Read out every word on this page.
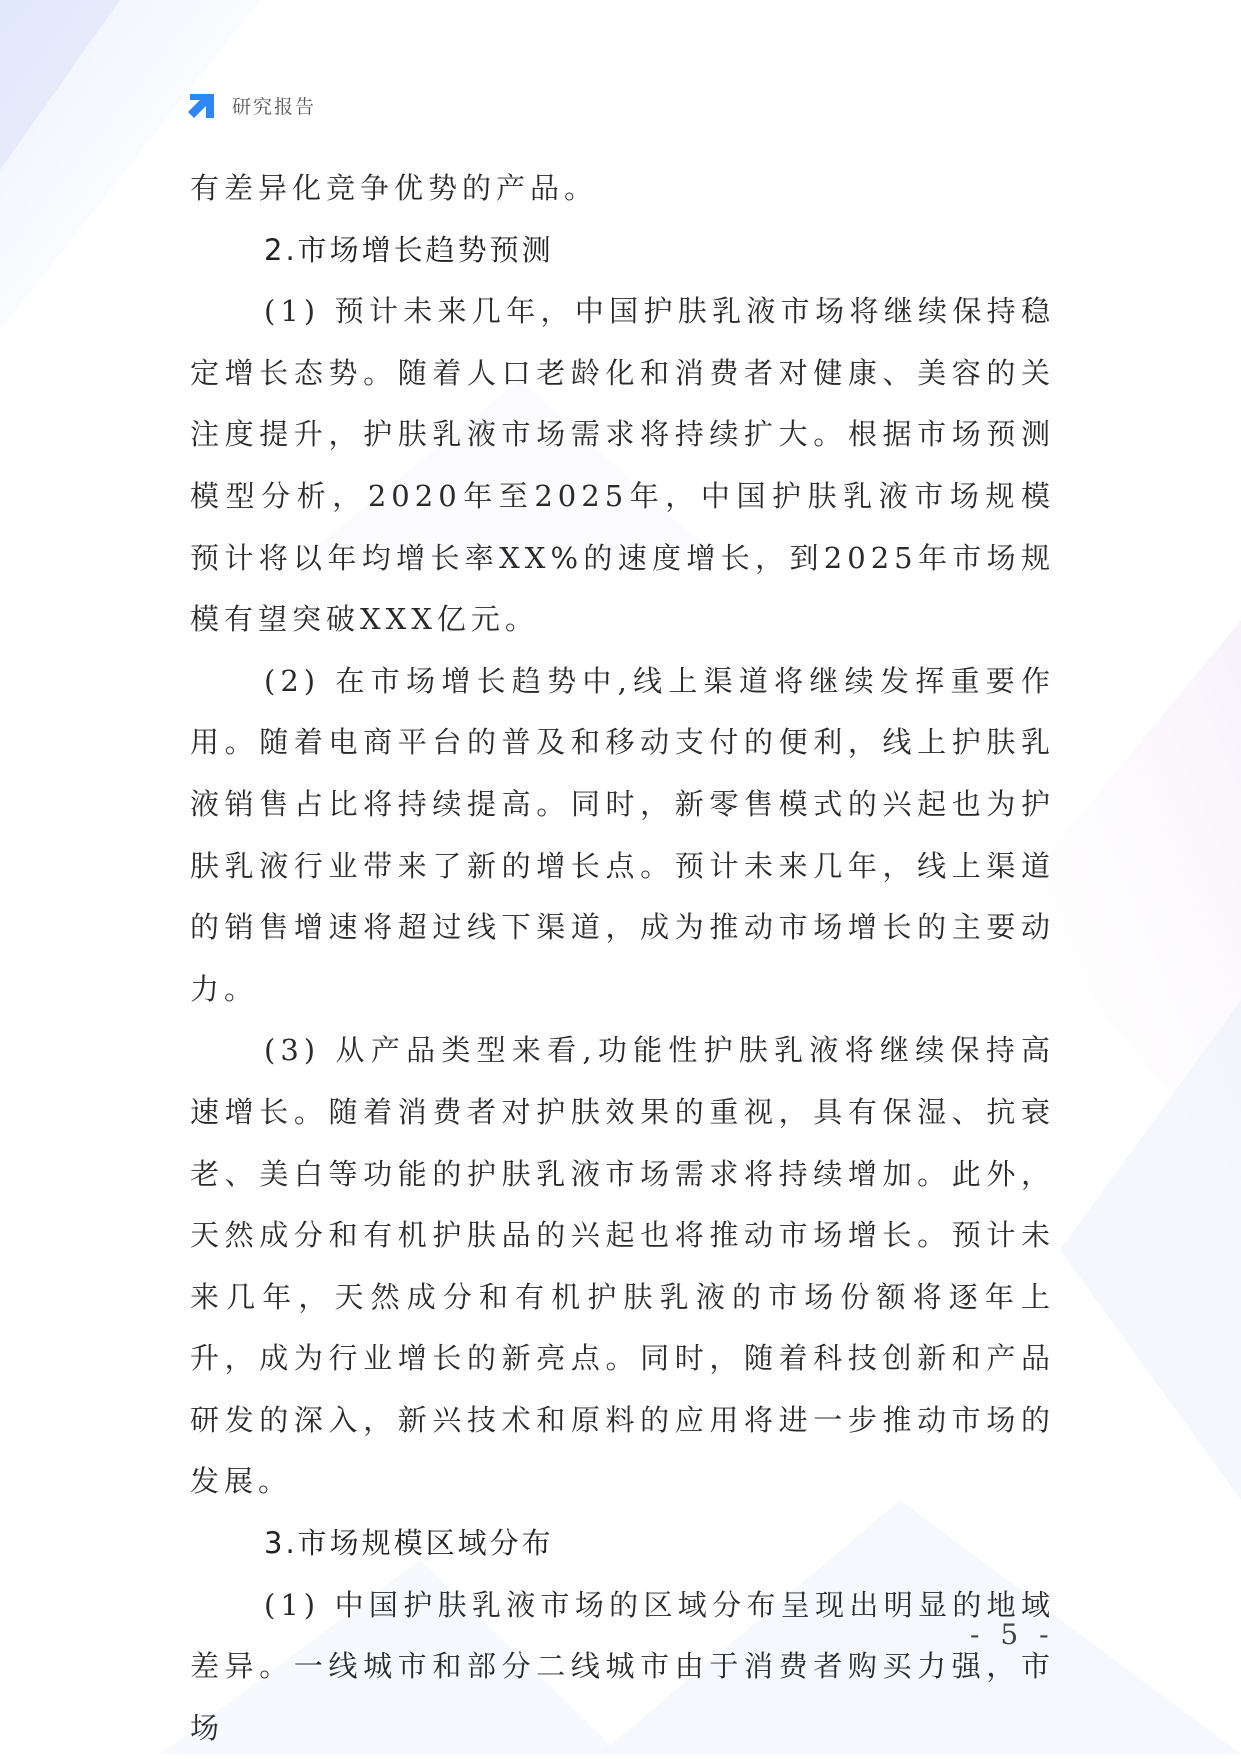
研究报告

有差异化竞争优势的产品。

2.市场增长趋势预测

(1) 预计未来几年，中国护肤乳液市场将继续保持稳定增长态势。随着人口老龄化和消费者对健康、美容的关注度提升，护肤乳液市场需求将持续扩大。根据市场预测模型分析，2020年至2025年，中国护肤乳液市场规模预计将以年均增长率XX%的速度增长，到2025年市场规模有望突破XXX亿元。

(2) 在市场增长趋势中,线上渠道将继续发挥重要作用。随着电商平台的普及和移动支付的便利，线上护肤乳液销售占比将持续提高。同时，新零售模式的兴起也为护肤乳液行业带来了新的增长点。预计未来几年，线上渠道的销售增速将超过线下渠道，成为推动市场增长的主要动力。

(3) 从产品类型来看,功能性护肤乳液将继续保持高速增长。随着消费者对护肤效果的重视，具有保湿、抗衰老、美白等功能的护肤乳液市场需求将持续增加。此外，天然成分和有机护肤品的兴起也将推动市场增长。预计未来几年，天然成分和有机护肤乳液的市场份额将逐年上升，成为行业增长的新亮点。同时，随着科技创新和产品研发的深入，新兴技术和原料的应用将进一步推动市场的发展。

3.市场规模区域分布

(1) 中国护肤乳液市场的区域分布呈现出明显的地域差异。一线城市和部分二线城市由于消费者购买力强，市场

- 5 -
